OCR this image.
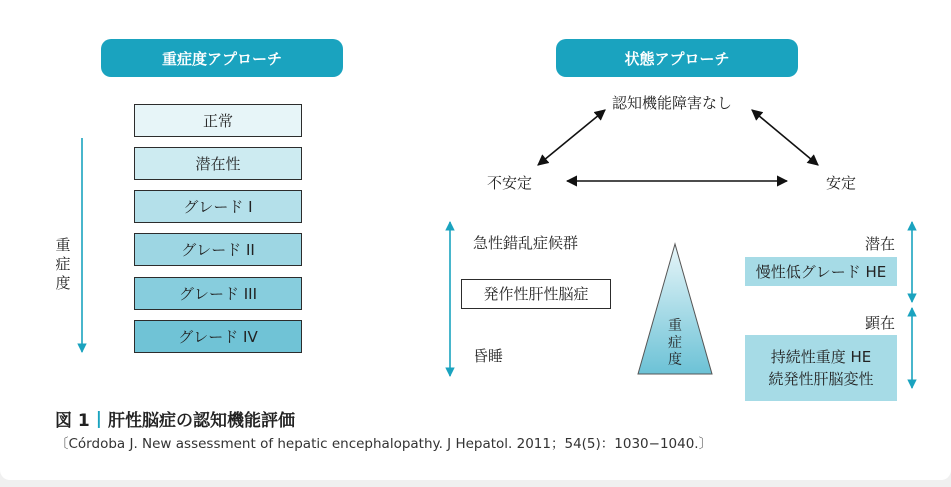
重症度アプローチ
正常
潜在性
グレード I
グレード II
グレード III
グレード IV
重症度
状態アプローチ
認知機能障害なし
不安定	安定
急性錯乱症候群
発作性肝性脳症
昏睡
潜在
慢性低グレード HE
顕在
持続性重度 HE
続発性肝脳変性
重症度
図 1 | 肝性脳症の認知機能評価
〔Córdoba J. New assessment of hepatic encephalopathy. J Hepatol. 2011；54(5)：1030−1040.〕
